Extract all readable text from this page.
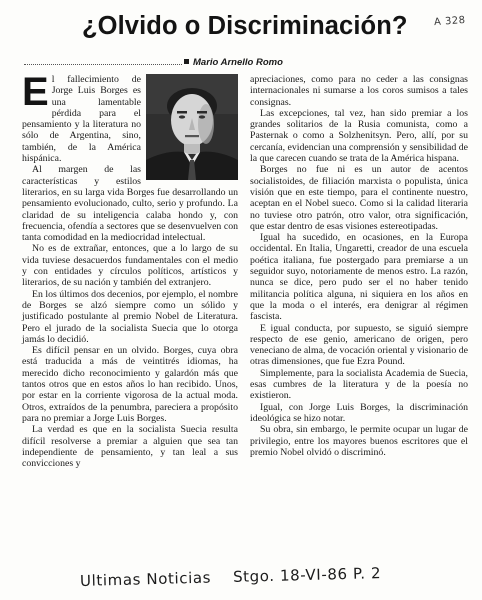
¿Olvido o Discriminación?	A 328
Mario Arnello Romo

El fallecimiento de Jorge Luis Borges es una lamentable pérdida para el pensamiento y la literatura no sólo de Argentina, sino, también, de la América hispánica.

Al margen de las características y estilos literarios, en su larga vida Borges fue desarrollando un pensamiento evolucionado, culto, serio y profundo. La claridad de su inteligencia calaba hondo y, con frecuencia, ofendía a sectores que se desenvuelven con tanta comodidad en la mediocridad intelectual.

No es de extrañar, entonces, que a lo largo de su vida tuviese desacuerdos fundamentales con el medio y con entidades y círculos políticos, artísticos y literarios, de su nación y también del extranjero.

En los últimos dos decenios, por ejemplo, el nombre de Borges se alzó siempre como un sólido y justificado postulante al premio Nobel de Literatura. Pero el jurado de la socialista Suecia que lo otorga jamás lo decidió.

Es difícil pensar en un olvido. Borges, cuya obra está traducida a más de veintitrés idiomas, ha merecido dicho reconocimiento y galardón más que tantos otros que en estos años lo han recibido. Unos, por estar en la corriente vigorosa de la actual moda. Otros, extraídos de la penumbra, pareciera a propósito para no premiar a Jorge Luis Borges.

La verdad es que en la socialista Suecia resulta difícil resolverse a premiar a alguien que sea tan independiente de pensamiento, y tan leal a sus convicciones y

apreciaciones, como para no ceder a las consignas internacionales ni sumarse a los coros sumisos a tales consignas.

Las excepciones, tal vez, han sido premiar a los grandes solitarios de la Rusia comunista, como a Pasternak o como a Solzhenitsyn. Pero, allí, por su cercanía, evidencian una comprensión y sensibilidad de la que carecen cuando se trata de la América hispana.

Borges no fue ni es un autor de acentos socialistoides, de filiación marxista o populista, única visión que en este tiempo, para el continente nuestro, aceptan en el Nobel sueco. Como si la calidad literaria no tuviese otro patrón, otro valor, otra significación, que estar dentro de esas visiones estereotipadas.

Igual ha sucedido, en ocasiones, en la Europa occidental. En Italia, Ungaretti, creador de una escuela poética italiana, fue postergado para premiarse a un seguidor suyo, notoriamente de menos estro. La razón, nunca se dice, pero pudo ser el no haber tenido militancia política alguna, ni siquiera en los años en que la moda o el interés, era denigrar al régimen fascista.

E igual conducta, por supuesto, se siguió siempre respecto de ese genio, americano de origen, pero veneciano de alma, de vocación oriental y visionario de otras dimensiones, que fue Ezra Pound.

Simplemente, para la socialista Academia de Suecia, esas cumbres de la literatura y de la poesía no existieron.

Igual, con Jorge Luis Borges, la discriminación ideológica se hizo notar.

Su obra, sin embargo, le permite ocupar un lugar de privilegio, entre los mayores buenos escritores que el premio Nobel olvidó o discriminó.

Ultimas Noticias Stgo. 18-VI-86 P. 2
